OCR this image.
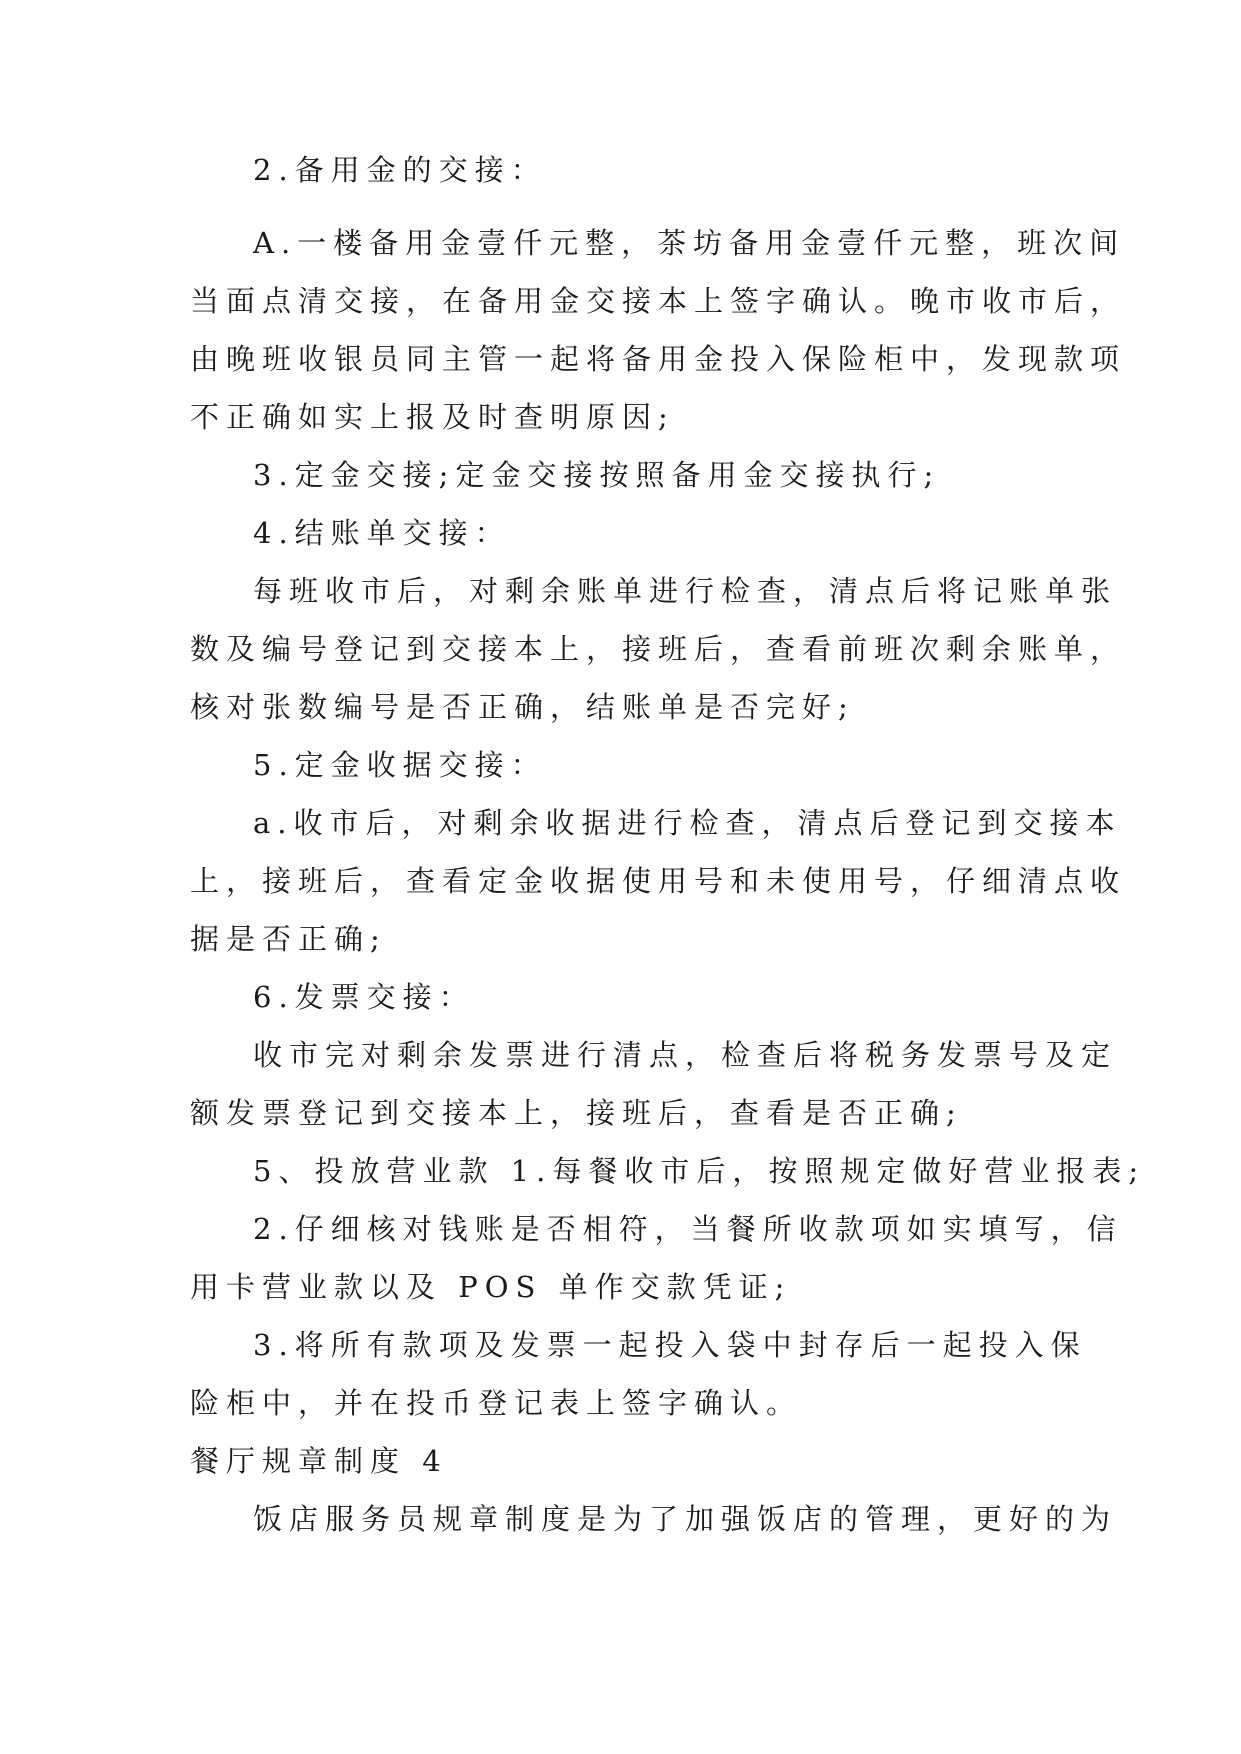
2.备用金的交接：
A.一楼备用金壹仟元整，茶坊备用金壹仟元整，班次间
当面点清交接，在备用金交接本上签字确认。晚市收市后，
由晚班收银员同主管一起将备用金投入保险柜中，发现款项
不正确如实上报及时查明原因;
3.定金交接;定金交接按照备用金交接执行;
4.结账单交接：
每班收市后，对剩余账单进行检查，清点后将记账单张
数及编号登记到交接本上，接班后，查看前班次剩余账单，
核对张数编号是否正确，结账单是否完好;
5.定金收据交接：
a.收市后，对剩余收据进行检查，清点后登记到交接本
上，接班后，查看定金收据使用号和未使用号，仔细清点收
据是否正确;
6.发票交接：
收市完对剩余发票进行清点，检查后将税务发票号及定
额发票登记到交接本上，接班后，查看是否正确;
5、投放营业款 1.每餐收市后，按照规定做好营业报表;
2.仔细核对钱账是否相符，当餐所收款项如实填写，信
用卡营业款以及 POS 单作交款凭证;
3.将所有款项及发票一起投入袋中封存后一起投入保
险柜中，并在投币登记表上签字确认。
餐厅规章制度 4
饭店服务员规章制度是为了加强饭店的管理，更好的为
